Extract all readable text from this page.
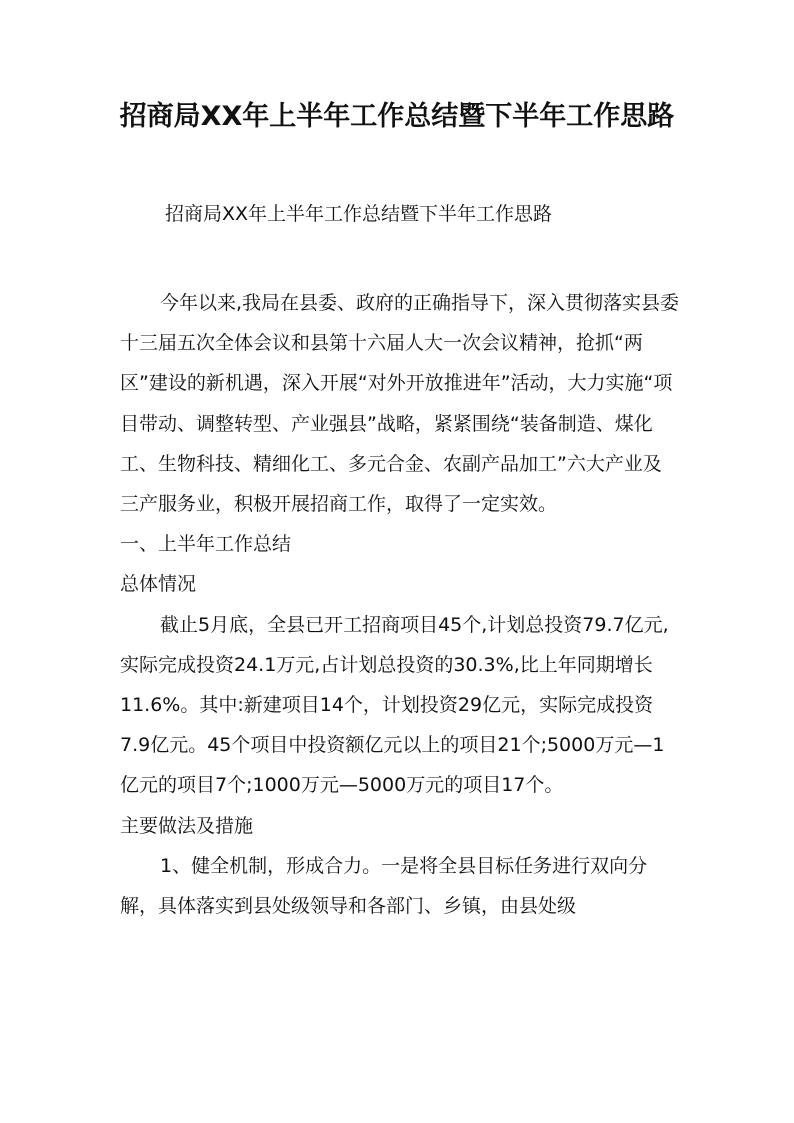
招商局XX年上半年工作总结暨下半年工作思路
招商局XX年上半年工作总结暨下半年工作思路

今年以来,我局在县委、政府的正确指导下，深入贯彻落实县委十三届五次全体会议和县第十六届人大一次会议精神，抢抓“两区”建设的新机遇，深入开展“对外开放推进年”活动，大力实施“项目带动、调整转型、产业强县”战略，紧紧围绕“装备制造、煤化工、生物科技、精细化工、多元合金、农副产品加工”六大产业及三产服务业，积极开展招商工作，取得了一定实效。

一、上半年工作总结
总体情况

截止5月底，全县已开工招商项目45个,计划总投资79.7亿元,实际完成投资24.1万元,占计划总投资的30.3%,比上年同期增长11.6%。其中:新建项目14个，计划投资29亿元，实际完成投资7.9亿元。45个项目中投资额亿元以上的项目21个;5000万元—1亿元的项目7个;1000万元—5000万元的项目17个。

主要做法及措施

1、健全机制，形成合力。一是将全县目标任务进行双向分解，具体落实到县处级领导和各部门、乡镇，由县处级
